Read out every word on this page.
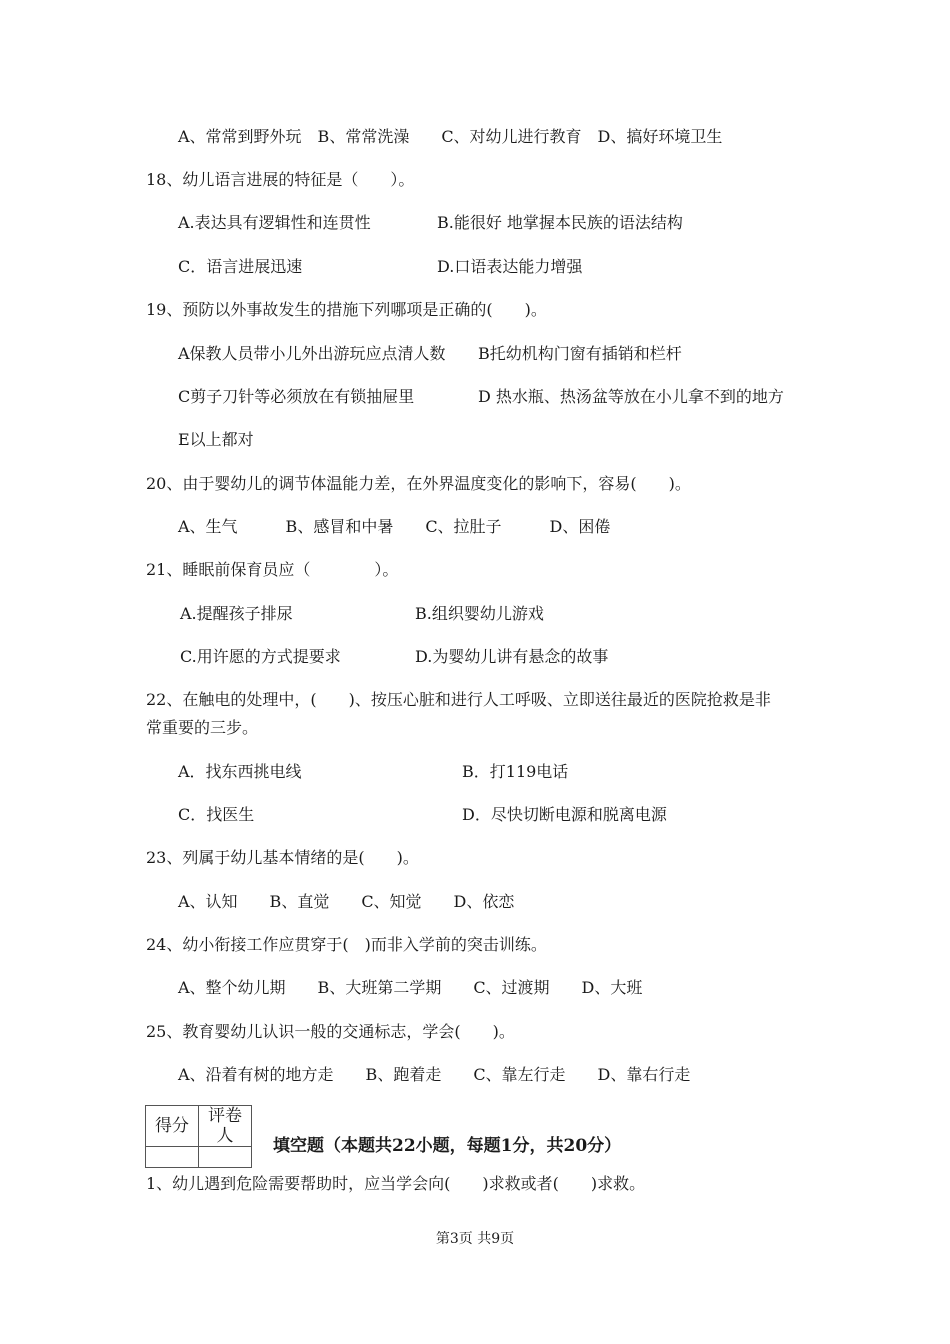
A、常常到野外玩　B、常常洗澡　　C、对幼儿进行教育　D、搞好环境卫生
18、幼儿语言进展的特征是（　　）。
A.表达具有逻辑性和连贯性	B.能很好 地掌握本民族的语法结构
C．语言进展迅速	D.口语表达能力增强
19、预防以外事故发生的措施下列哪项是正确的(　　)。
A保教人员带小儿外出游玩应点清人数 B托幼机构门窗有插销和栏杆
C剪子刀针等必须放在有锁抽屉里	D 热水瓶、热汤盆等放在小儿拿不到的地方
E以上都对
20、由于婴幼儿的调节体温能力差，在外界温度变化的影响下，容易(　　)。
A、生气　　　B、感冒和中暑　　C、拉肚子　　　D、困倦
21、睡眠前保育员应（　　　　）。
A.提醒孩子排尿	B.组织婴幼儿游戏
C.用许愿的方式提要求	D.为婴幼儿讲有悬念的故事
22、在触电的处理中，(　　)、按压心脏和进行人工呼吸、立即送往最近的医院抢救是非
常重要的三步。
A．找东西挑电线	B．打119电话
C．找医生	D．尽快切断电源和脱离电源
23、列属于幼儿基本情绪的是(　　)。
A、认知　　B、直觉　　C、知觉　　D、依恋
24、幼小衔接工作应贯穿于(　)而非入学前的突击训练。
A、整个幼儿期　　B、大班第二学期　　C、过渡期　　D、大班
25、教育婴幼儿认识一般的交通标志，学会(　　)。
A、沿着有树的地方走　　B、跑着走　　C、靠左行走　　D、靠右行走
得分	评卷人
	填空题（本题共22小题，每题1分，共20分）
1、幼儿遇到危险需要帮助时，应当学会向(　　)求救或者(　　)求救。
第3页 共9页
